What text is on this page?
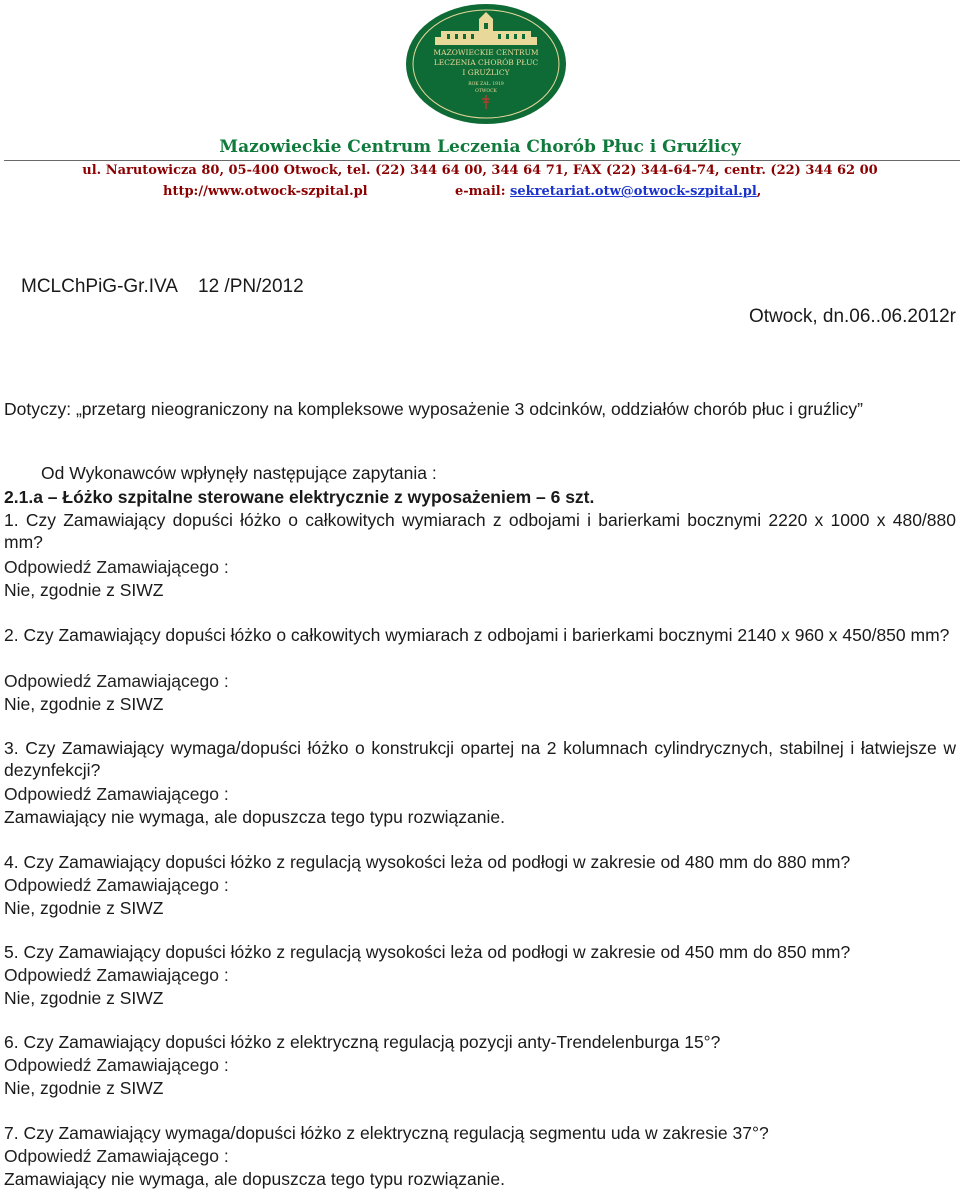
MAZOWIECKIE CENTRUM
LECZENIA CHORÓB PŁUC
I GRUŹLICY
ROK ZAŁ. 1919
OTWOCK
Mazowieckie Centrum Leczenia Chorób Płuc i Gruźlicy
ul. Narutowicza 80, 05-400 Otwock, tel. (22) 344 64 00, 344 64 71, FAX (22) 344-64-74, centr. (22) 344 62 00
http://www.otwock-szpital.pl	e-mail: sekretariat.otw@otwock-szpital.pl,
MCLChPiG-Gr.IVA    12 /PN/2012
Otwock, dn.06..06.2012r
Dotyczy: „przetarg nieograniczony na kompleksowe wyposażenie 3 odcinków, oddziałów chorób płuc i gruźlicy”
Od Wykonawców wpłynęły następujące zapytania :
2.1.a – Łóżko szpitalne sterowane elektrycznie z wyposażeniem – 6 szt.
1. Czy Zamawiający dopuści łóżko o całkowitych wymiarach z odbojami i barierkami bocznymi 2220 x 1000 x 480/880 mm?
Odpowiedź Zamawiającego :
Nie, zgodnie z SIWZ
2. Czy Zamawiający dopuści łóżko o całkowitych wymiarach z odbojami i barierkami bocznymi 2140 x 960 x 450/850 mm?
Odpowiedź Zamawiającego :
Nie, zgodnie z SIWZ
3. Czy Zamawiający wymaga/dopuści łóżko o konstrukcji opartej na 2 kolumnach cylindrycznych, stabilnej i łatwiejsze w dezynfekcji?
Odpowiedź Zamawiającego :
Zamawiający nie wymaga, ale dopuszcza tego typu rozwiązanie.
4. Czy Zamawiający dopuści łóżko z regulacją wysokości leża od podłogi w zakresie od 480 mm do 880 mm?
Odpowiedź Zamawiającego :
Nie, zgodnie z SIWZ
5. Czy Zamawiający dopuści łóżko z regulacją wysokości leża od podłogi w zakresie od 450 mm do 850 mm?
Odpowiedź Zamawiającego :
Nie, zgodnie z SIWZ
6. Czy Zamawiający dopuści łóżko z elektryczną regulacją pozycji anty-Trendelenburga 15°?
Odpowiedź Zamawiającego :
Nie, zgodnie z SIWZ
7. Czy Zamawiający wymaga/dopuści łóżko z elektryczną regulacją segmentu uda w zakresie 37°?
Odpowiedź Zamawiającego :
Zamawiający nie wymaga, ale dopuszcza tego typu rozwiązanie.
